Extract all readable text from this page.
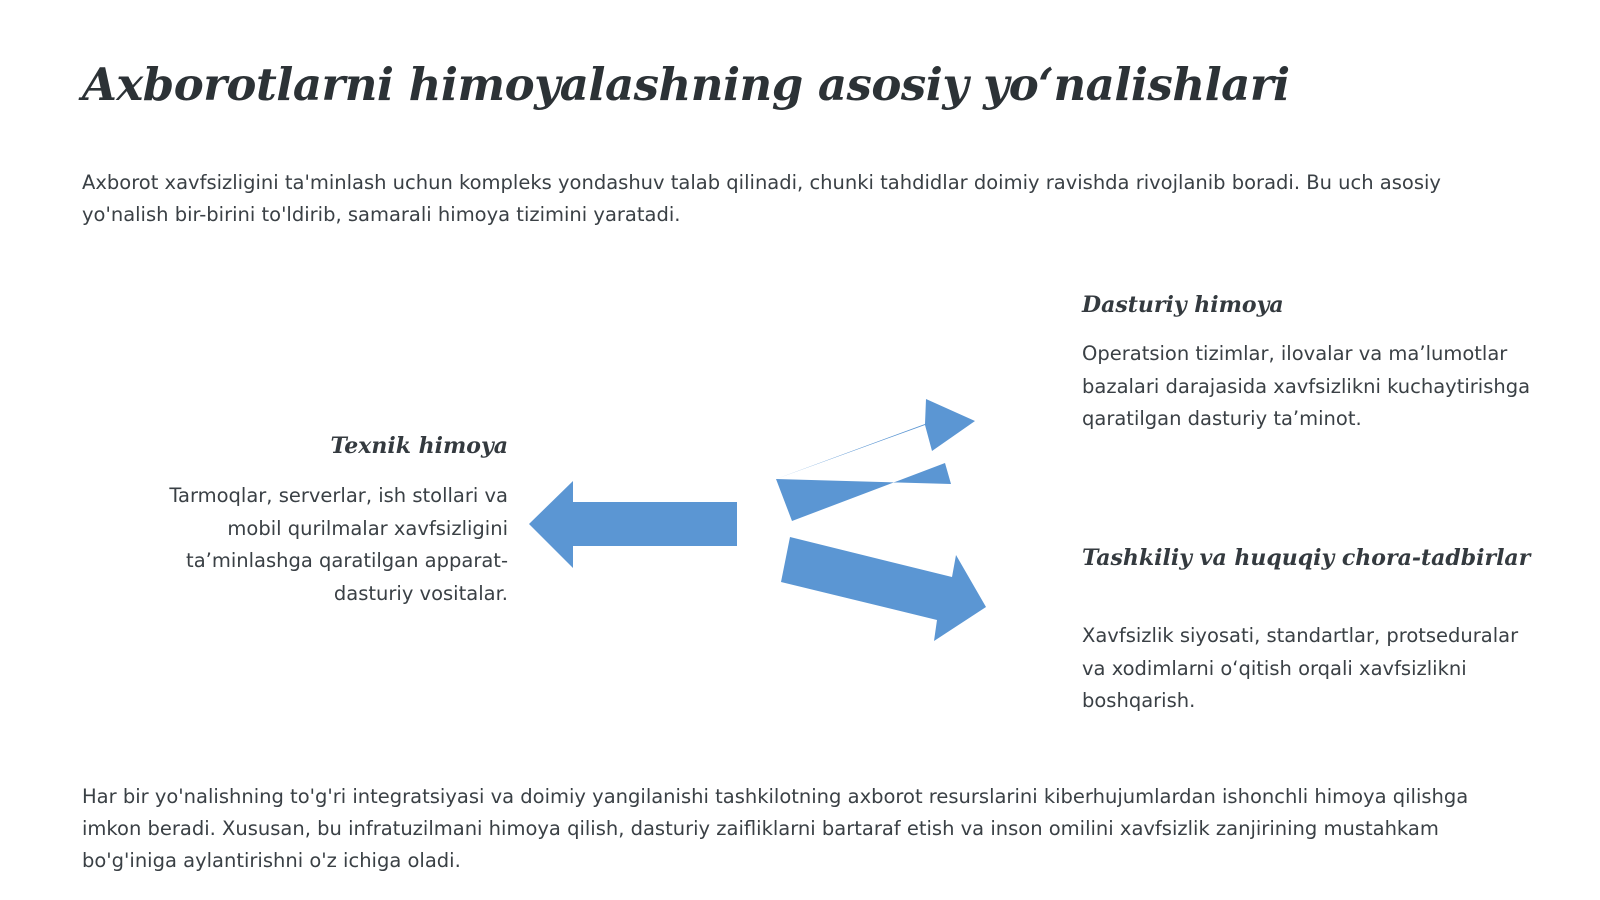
Axborotlarni himoyalashning asosiy yo‘nalishlari

Axborot xavfsizligini ta'minlash uchun kompleks yondashuv talab qilinadi, chunki tahdidlar doimiy ravishda rivojlanib boradi. Bu uch asosiy yo'nalish bir-birini to'ldirib, samarali himoya tizimini yaratadi.

Texnik himoya

Tarmoqlar, serverlar, ish stollari va mobil qurilmalar xavfsizligini ta’minlashga qaratilgan apparat-dasturiy vositalar.

Dasturiy himoya

Operatsion tizimlar, ilovalar va ma’lumotlar bazalari darajasida xavfsizlikni kuchaytirishga qaratilgan dasturiy ta’minot.

Tashkiliy va huquqiy chora-tadbirlar

Xavfsizlik siyosati, standartlar, protseduralar va xodimlarni o‘qitish orqali xavfsizlikni boshqarish.

Har bir yo'nalishning to'g'ri integratsiyasi va doimiy yangilanishi tashkilotning axborot resurslarini kiberhujumlardan ishonchli himoya qilishga imkon beradi. Xususan, bu infratuzilmani himoya qilish, dasturiy zaifliklarni bartaraf etish va inson omilini xavfsizlik zanjirining mustahkam bo'g'iniga aylantirishni o'z ichiga oladi.
